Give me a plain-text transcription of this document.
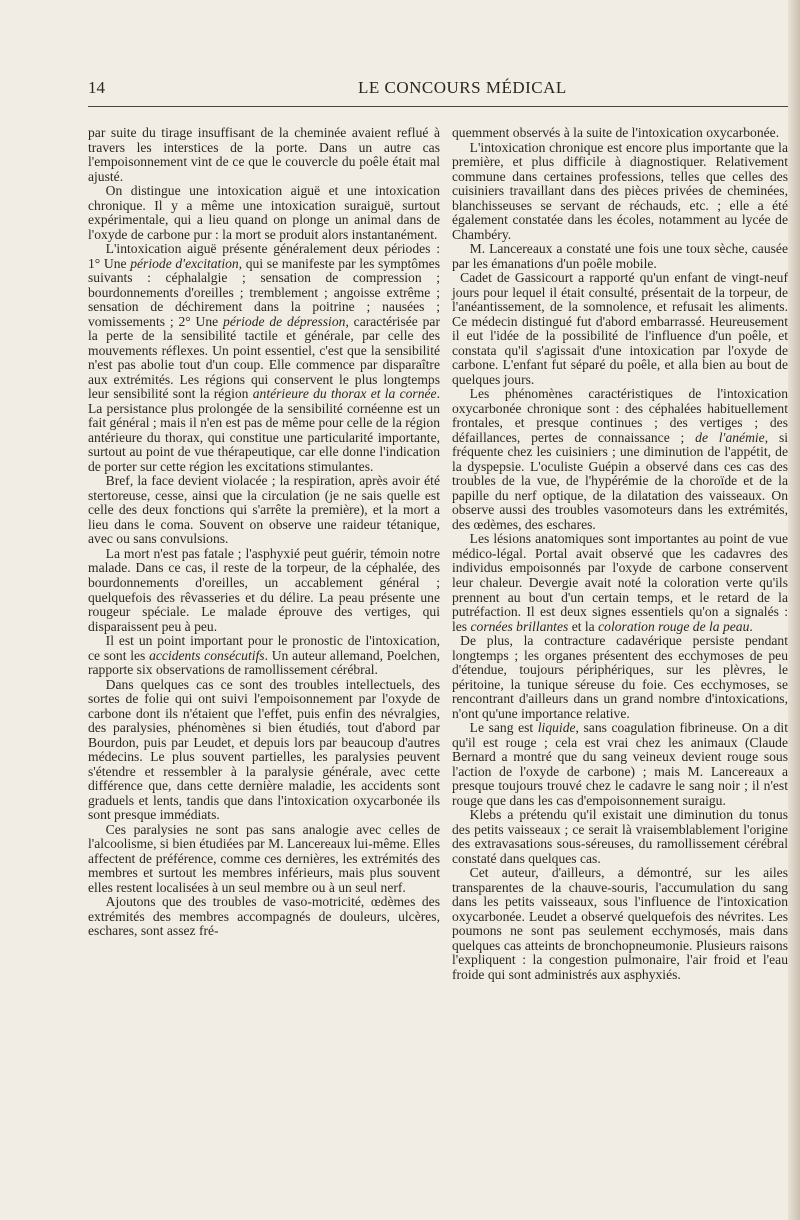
14	LE CONCOURS MÉDICAL

par suite du tirage insuffisant de la cheminée avaient reflué à travers les interstices de la porte. Dans un autre cas l'empoisonnement vint de ce que le couvercle du poêle était mal ajusté.

On distingue une intoxication aiguë et une intoxication chronique. Il y a même une intoxication suraiguë, surtout expérimentale, qui a lieu quand on plonge un animal dans de l'oxyde de carbone pur : la mort se produit alors instantanément.

L'intoxication aiguë présente généralement deux périodes : 1° Une période d'excitation, qui se manifeste par les symptômes suivants : céphalalgie ; sensation de compression ; bourdonnements d'oreilles ; tremblement ; angoisse extrême ; sensation de déchirement dans la poitrine ; nausées ; vomissements ; 2° Une période de dépression, caractérisée par la perte de la sensibilité tactile et générale, par celle des mouvements réflexes. Un point essentiel, c'est que la sensibilité n'est pas abolie tout d'un coup. Elle commence par disparaître aux extrémités. Les régions qui conservent le plus longtemps leur sensibilité sont la région antérieure du thorax et la cornée. La persistance plus prolongée de la sensibilité cornéenne est un fait général ; mais il n'en est pas de même pour celle de la région antérieure du thorax, qui constitue une particularité importante, surtout au point de vue thérapeutique, car elle donne l'indication de porter sur cette région les excitations stimulantes.

Bref, la face devient violacée ; la respiration, après avoir été stertoreuse, cesse, ainsi que la circulation (je ne sais quelle est celle des deux fonctions qui s'arrête la première), et la mort a lieu dans le coma. Souvent on observe une raideur tétanique, avec ou sans convulsions.

La mort n'est pas fatale ; l'asphyxié peut guérir, témoin notre malade. Dans ce cas, il reste de la torpeur, de la céphalée, des bourdonnements d'oreilles, un accablement général ; quelquefois des rêvasseries et du délire. La peau présente une rougeur spéciale. Le malade éprouve des vertiges, qui disparaissent peu à peu.

Il est un point important pour le pronostic de l'intoxication, ce sont les accidents consécutifs. Un auteur allemand, Poelchen, rapporte six observations de ramollissement cérébral.

Dans quelques cas ce sont des troubles intellectuels, des sortes de folie qui ont suivi l'empoisonnement par l'oxyde de carbone dont ils n'étaient que l'effet, puis enfin des névralgies, des paralysies, phénomènes si bien étudiés, tout d'abord par Bourdon, puis par Leudet, et depuis lors par beaucoup d'autres médecins. Le plus souvent partielles, les paralysies peuvent s'étendre et ressembler à la paralysie générale, avec cette différence que, dans cette dernière maladie, les accidents sont graduels et lents, tandis que dans l'intoxication oxycarbonée ils sont presque immédiats.

Ces paralysies ne sont pas sans analogie avec celles de l'alcoolisme, si bien étudiées par M. Lancereaux lui-même. Elles affectent de préférence, comme ces dernières, les extrémités des membres et surtout les membres inférieurs, mais plus souvent elles restent localisées à un seul membre ou à un seul nerf.

Ajoutons que des troubles de vaso-motricité, œdèmes des extrémités des membres accompagnés de douleurs, ulcères, eschares, sont assez fré-

quemment observés à la suite de l'intoxication oxycarbonée.

L'intoxication chronique est encore plus importante que la première, et plus difficile à diagnostiquer. Relativement commune dans certaines professions, telles que celles des cuisiniers travaillant dans des pièces privées de cheminées, blanchisseuses se servant de réchauds, etc. ; elle a été également constatée dans les écoles, notamment au lycée de Chambéry.

M. Lancereaux a constaté une fois une toux sèche, causée par les émanations d'un poêle mobile.

Cadet de Gassicourt a rapporté qu'un enfant de vingt-neuf jours pour lequel il était consulté, présentait de la torpeur, de l'anéantissement, de la somnolence, et refusait les aliments. Ce médecin distingué fut d'abord embarrassé. Heureusement il eut l'idée de la possibilité de l'influence d'un poêle, et constata qu'il s'agissait d'une intoxication par l'oxyde de carbone. L'enfant fut séparé du poêle, et alla bien au bout de quelques jours.

Les phénomènes caractéristiques de l'intoxication oxycarbonée chronique sont : des céphalées habituellement frontales, et presque continues ; des vertiges ; des défaillances, pertes de connaissance ; de l'anémie, si fréquente chez les cuisiniers ; une diminution de l'appétit, de la dyspepsie. L'oculiste Guépin a observé dans ces cas des troubles de la vue, de l'hypérémie de la choroïde et de la papille du nerf optique, de la dilatation des vaisseaux. On observe aussi des troubles vasomoteurs dans les extrémités, des œdèmes, des eschares.

Les lésions anatomiques sont importantes au point de vue médico-légal. Portal avait observé que les cadavres des individus empoisonnés par l'oxyde de carbone conservent leur chaleur. Devergie avait noté la coloration verte qu'ils prennent au bout d'un certain temps, et le retard de la putréfaction. Il est deux signes essentiels qu'on a signalés : les cornées brillantes et la coloration rouge de la peau.

De plus, la contracture cadavérique persiste pendant longtemps ; les organes présentent des ecchymoses de peu d'étendue, toujours périphériques, sur les plèvres, le péritoine, la tunique séreuse du foie. Ces ecchymoses, se rencontrant d'ailleurs dans un grand nombre d'intoxications, n'ont qu'une importance relative.

Le sang est liquide, sans coagulation fibrineuse. On a dit qu'il est rouge ; cela est vrai chez les animaux (Claude Bernard a montré que du sang veineux devient rouge sous l'action de l'oxyde de carbone) ; mais M. Lancereaux a presque toujours trouvé chez le cadavre le sang noir ; il n'est rouge que dans les cas d'empoisonnement suraigu.

Klebs a prétendu qu'il existait une diminution du tonus des petits vaisseaux ; ce serait là vraisemblablement l'origine des extravasations sous-séreuses, du ramollissement cérébral constaté dans quelques cas.

Cet auteur, d'ailleurs, a démontré, sur les ailes transparentes de la chauve-souris, l'accumulation du sang dans les petits vaisseaux, sous l'influence de l'intoxication oxycarbonée. Leudet a observé quelquefois des névrites. Les poumons ne sont pas seulement ecchymosés, mais dans quelques cas atteints de bronchopneumonie. Plusieurs raisons l'expliquent : la congestion pulmonaire, l'air froid et l'eau froide qui sont administrés aux asphyxiés.
